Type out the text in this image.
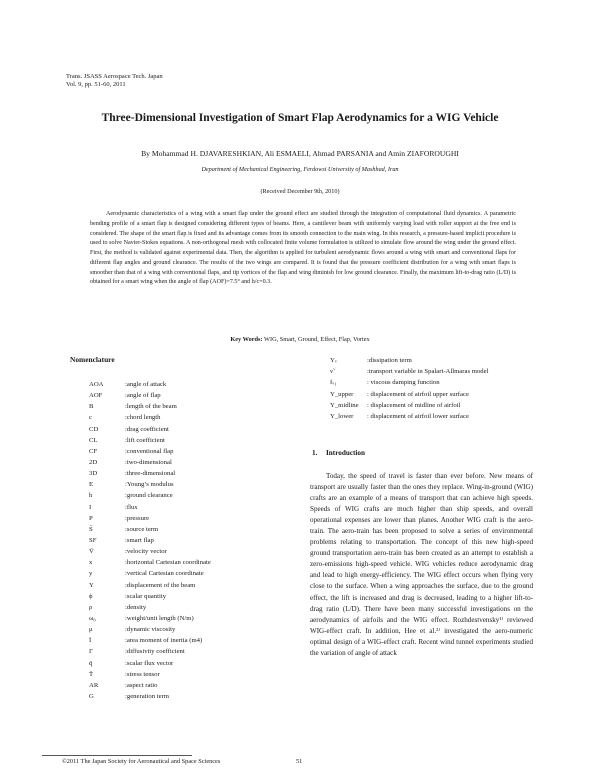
Trans. JSASS Aerospace Tech. Japan
Vol. 9, pp. 51-60, 2011
Three-Dimensional Investigation of Smart Flap Aerodynamics for a WIG Vehicle
By Mohammad H. DJAVARESHKIAN, Ali ESMAELI, Ahmad PARSANIA and Amin ZIAFOROUGHI
Department of Mechanical Engineering, Ferdowsi University of Mashhad, Iran
(Received December 9th, 2010)
Aerodynamic characteristics of a wing with a smart flap under the ground effect are studied through the integration of computational fluid dynamics. A parametric bending profile of a smart flap is designed considering different types of beams. Here, a cantilever beam with uniformly varying load with roller support at the free end is considered. The shape of the smart flap is fixed and its advantage comes from its smooth connection to the main wing. In this research, a pressure-based implicit procedure is used to solve Navier-Stokes equations. A non-orthogonal mesh with collocated finite volume formulation is utilized to simulate flow around the wing under the ground effect. First, the method is validated against experimental data. Then, the algorithm is applied for turbulent aerodynamic flows around a wing with smart and conventional flaps for different flap angles and ground clearance. The results of the two wings are compared. It is found that the pressure coefficient distribution for a wing with smart flaps is smoother than that of a wing with conventional flaps, and tip vortices of the flap and wing diminish for low ground clearance. Finally, the maximum lift-to-drag ratio (L/D) is obtained for a smart wing when the angle of flap (AOF)=7.5° and h/c=0.3.
Key Words: WIG, Smart, Ground, Effect, Flap, Vortex
Nomenclature
AOA	:angle of attack
AOF	:angle of flap
B	:length of the beam
c	:chord length
CD	:drag coefficient
CL	:lift coefficient
CF	:conventional flap
2D	:two-dimensional
3D	:three-dimensional
E	:Young’s modulus
h	:ground clearance
I	:flux
P	:pressure
S̄	:source term
SF	:smart flap
V̄	:velocity vector
x	:horizontal Cartesian coordinate
y	:vertical Cartesian coordinate
Y	:displacement of the beam
ϕ	:scalar quantity
ρ	:density
ω₀	:weight/unit length (N/m)
μ	:dynamic viscosity
Ī	:area moment of inertia (m4)
Γ	:diffusivity coefficient
q̄	:scalar flux vector
T̄	:stress tensor
AR	:aspect ratio
G	:generation term
Yᵥ	:dissipation term
ν̃	:transport variable in Spalart-Allmaras model
fᵥ₁	: viscous damping function
Y_upper : displacement of airfoil upper surface
Y_midline : displacement of midline of airfoil
Y_lower : displacement of airfoil lower surface
1. Introduction
Today, the speed of travel is faster than ever before. New means of transport are usually faster than the ones they replace. Wing-in-ground (WIG) crafts are an example of a means of transport that can achieve high speeds. Speeds of WIG crafts are much higher than ship speeds, and overall operational expenses are lower than planes. Another WIG craft is the aero-train. The aero-train has been proposed to solve a series of environmental problems relating to transportation. The concept of this new high-speed ground transportation aero-train has been created as an attempt to establish a zero-emissions high-speed vehicle. WIG vehicles reduce aerodynamic drag and lead to high energy-efficiency. The WIG effect occurs when flying very close to the surface. When a wing approaches the surface, due to the ground effect, the lift is increased and drag is decreased, leading to a higher lift-to-drag ratio (L/D). There have been many successful investigations on the aerodynamics of airfoils and the WIG effect. Rozhdestvensky¹⁾ reviewed WIG-effect craft. In addition, Hee et al.²⁾ investigated the aero-numeric optimal design of a WIG-effect craft. Recent wind tunnel experiments studied the variation of angle of attack
©2011 The Japan Society for Aeronautical and Space Sciences	51
